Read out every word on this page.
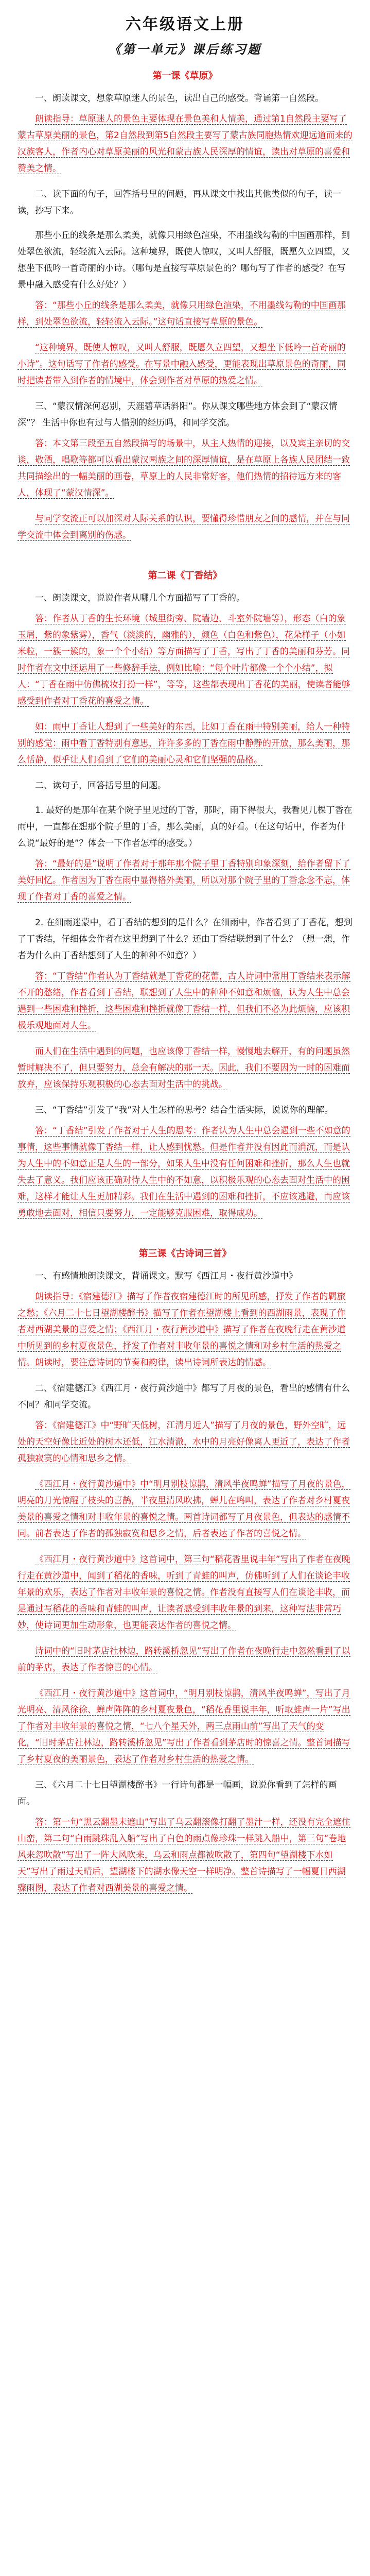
六年级语文上册
《第一单元》课后练习题
第一课《草原》
一、朗读课文，想象草原迷人的景色，读出自己的感受。背诵第一自然段。
朗读指导：草原迷人的景色主要体现在景色美和人情美，通过第1自然段主要写了蒙古草原美丽的景色，第2自然段到第5自然段主要写了蒙古族同胞热情欢迎远道而来的汉族客人，作者内心对草原美丽的风光和蒙古族人民深厚的情谊，读出对草原的喜爱和赞美之情。
二、读下面的句子，回答括号里的问题，再从课文中找出其他类似的句子，读一读，抄写下来。
那些小丘的线条是那么柔美，就像只用绿色渲染，不用墨线勾勒的中国画那样，到处翠色欲流，轻轻流入云际。这种境界，既使人惊叹，又叫人舒服，既愿久立四望，又想坐下低吟一首奇丽的小诗。（哪句是直接写草原景色的？哪句写了作者的感受？在写景中融入感受有什么好处？）
答：“那些小丘的线条是那么柔美，就像只用绿色渲染，不用墨线勾勒的中国画那样，到处翠色欲流，轻轻流入云际。”这句话直接写草原的景色。
“这种境界，既使人惊叹，又叫人舒服，既愿久立四望，又想坐下低吟一首奇丽的小诗”。这句话写了作者的感受。在写景中融入感受，更能表现出草原景色的奇丽，同时把读者带入到作者的情境中，体会到作者对草原的热爱之情。
三、“蒙汉情深何忍别，天涯碧草话斜阳”。你从课文哪些地方体会到了“蒙汉情深”？ 生活中你也有过与人惜别的经历吗，和同学交流。
答：本文第三段至五自然段描写的场景中，从主人热情的迎接，以及宾主亲切的交谈，敬酒，唱歌等都可以看出蒙汉两族之间的深厚情谊，是在草原上各族人民团结一致共同描绘出的一幅美丽的画卷，草原上的人民非常好客，他们热情的招待远方来的客人，体现了“蒙汉情深”。
与同学交流正可以加深对人际关系的认识，要懂得珍惜朋友之间的感情，并在与同学交流中体会到离别的伤感。
第二课《丁香结》
一、朗读课文，说说作者从哪几个方面描写了丁香的。
答：作者从丁香的生长环境（城里街旁、院墙边、斗室外院墙等），形态（白的象玉屑，紫的象紫雾），香气（淡淡的，幽雅的），颜色（白色和紫色），花朵样子（小如米粒，一簇一簇的，象一个个小结）等方面描写了丁香，写出了丁香的美丽和芬芳。同时作者在文中还运用了一些修辞手法，例如比喻：“每个叶片都像一个个小结”，拟人：“丁香在雨中仿佛梳妆打扮一样”，等等，这些都表现出丁香花的美丽，使读者能够感受到作者对丁香花的喜爱之情。
如：雨中丁香让人想到了一些美好的东西，比如丁香在雨中特别美丽，给人一种特别的感觉：雨中看丁香特别有意思，许许多多的丁香在雨中静静的开放，那么美丽，那么恬静，似乎让人们看到了它们的美丽心灵和它们坚强的品格。
二、读句子，回答括号里的问题。
1. 最好的是那年在某个院子里见过的丁香，那时，雨下得很大，我看见几棵丁香在雨中，一直都在想那个院子里的丁香，那么美丽，真的好看。（在这句话中，作者为什么说“最好的是”？体会一下作者怎样的感受。）
答：“最好的是”说明了作者对于那年那个院子里丁香特别印象深刻，给作者留下了美好回忆。作者因为丁香在雨中显得格外美丽，所以对那个院子里的丁香念念不忘，体现了作者对丁香的喜爱之情。
2. 在细雨迷蒙中，看丁香结的想到的是什么？在细雨中，作者看到了丁香花，想到了丁香结，仔细体会作者在这里想到了什么？还由丁香结联想到了什么？（想一想，作者为什么由丁香结想到了人生的种种不如意？）
答：“丁香结”作者认为丁香结就是丁香花的花蕾，古人诗词中常用丁香结来表示解不开的愁绪，作者看到丁香结，联想到了人生中的种种不如意和烦恼，认为人生中总会遇到一些困难和挫折，这些困难和挫折就像丁香结一样，但我们不必为此烦恼，应该积极乐观地面对人生。
而人们在生活中遇到的问题，也应该像丁香结一样，慢慢地去解开，有的问题虽然暂时解决不了，但只要努力，总会有解决的那一天。因此，我们不要因为一时的困难而放弃，应该保持乐观积极的心态去面对生活中的挑战。
三、“丁香结”引发了“我”对人生怎样的思考？结合生活实际，说说你的理解。
答：“丁香结”引发了作者对于人生的思考：作者认为人生中总会遇到一些不如意的事情，这些事情就像丁香结一样，让人感到忧愁。但是作者并没有因此而消沉，而是认为人生中的不如意正是人生的一部分，如果人生中没有任何困难和挫折，那么人生也就失去了意义。我们应该正确对待人生中的不如意，以积极乐观的心态去面对生活中的困难，这样才能让人生更加精彩。我们在生活中遇到的困难和挫折，不应该逃避，而应该勇敢地去面对，相信只要努力，一定能够克服困难，取得成功。
第三课《古诗词三首》
一、有感情地朗读课文，背诵课文。默写《西江月・夜行黄沙道中》
朗读指导：《宿建德江》描写了作者夜宿建德江时的所见所感，抒发了作者的羁旅之愁；《六月二十七日望湖楼醉书》描写了作者在望湖楼上看到的西湖雨景，表现了作者对西湖美景的喜爱之情；《西江月・夜行黄沙道中》描写了作者在夜晚行走在黄沙道中所见到的乡村夏夜景色，抒发了作者对丰收年景的喜悦之情和对乡村生活的热爱之情。朗读时，要注意诗词的节奏和韵律，读出诗词所表达的情感。
二、《宿建德江》《西江月・夜行黄沙道中》都写了月夜的景色，看出的感情有什么不同？和同学交流。
答：《宿建德江》中“野旷天低树，江清月近人”描写了月夜的景色，野外空旷，远处的天空好像比近处的树木还低，江水清澈，水中的月亮好像离人更近了，表达了作者孤独寂寞的心情和思乡之情。
《西江月・夜行黄沙道中》中“明月别枝惊鹊，清风半夜鸣蝉”描写了月夜的景色，明亮的月光惊醒了枝头的喜鹊，半夜里清风吹拂，蝉儿在鸣叫，表达了作者对乡村夏夜美景的喜爱之情和对丰收年景的喜悦之情。两首诗词都写了月夜景色，但表达的感情不同。前者表达了作者的孤独寂寞和思乡之情，后者表达了作者的喜悦之情。
《西江月・夜行黄沙道中》这首词中，第三句“稻花香里说丰年”写出了作者在夜晚行走在黄沙道中，闻到了稻花的香味，听到了青蛙的叫声，仿佛听到了人们在谈论丰收年景的欢乐，表达了作者对丰收年景的喜悦之情。作者没有直接写人们在谈论丰收，而是通过写稻花的香味和青蛙的叫声，让读者感受到丰收年景的到来，这种写法非常巧妙，使诗词更加生动形象，也更能表达作者的喜悦之情。
诗词中的“旧时茅店社林边，路转溪桥忽见”写出了作者在夜晚行走中忽然看到了以前的茅店，表达了作者惊喜的心情。
《西江月・夜行黄沙道中》这首词中，“明月别枝惊鹊，清风半夜鸣蝉”，写出了月光明亮、清风徐徐、蝉声阵阵的乡村夏夜景色，“稻花香里说丰年，听取蛙声一片”写出了作者对丰收年景的喜悦之情，“七八个星天外，两三点雨山前”写出了天气的变化，“旧时茅店社林边，路转溪桥忽见”写出了作者看到茅店时的惊喜之情。整首词描写了乡村夏夜的美丽景色，表达了作者对乡村生活的热爱之情。
三、《六月二十七日望湖楼醉书》一行诗句都是一幅画，说说你看到了怎样的画面。
答：第一句“黑云翻墨未遮山”写出了乌云翻滚像打翻了墨汁一样，还没有完全遮住山峦，第二句“白雨跳珠乱入船”写出了白色的雨点像珍珠一样跳入船中，第三句“卷地风来忽吹散”写出了一阵大风吹来，乌云和雨点都被吹散了，第四句“望湖楼下水如天”写出了雨过天晴后，望湖楼下的湖水像天空一样明净。整首诗描写了一幅夏日西湖骤雨图，表达了作者对西湖美景的喜爱之情。
